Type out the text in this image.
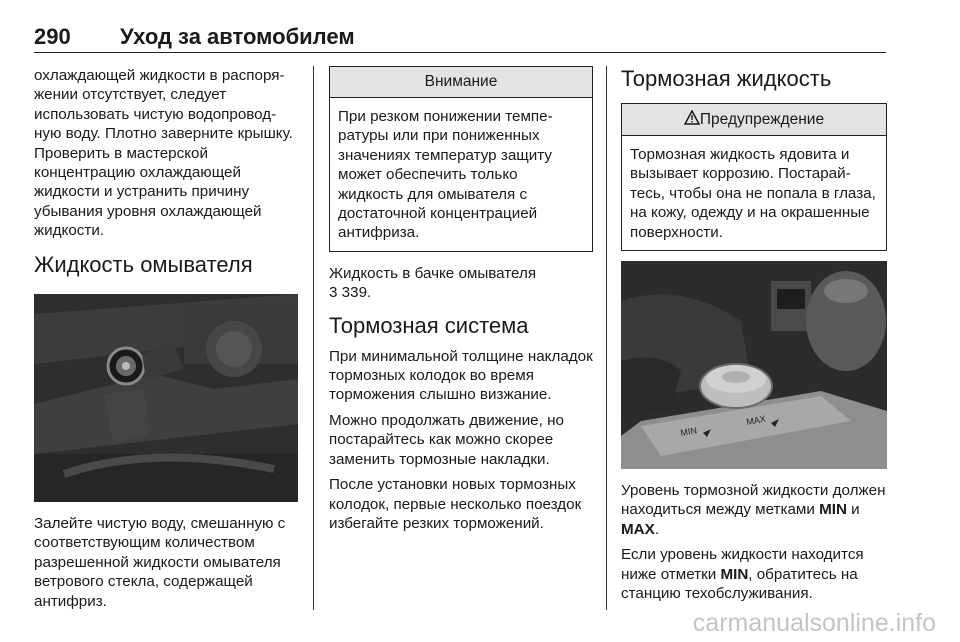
290 Уход за автомобилем

охлаждающей жидкости в распоряжении отсутствует, следует использовать чистую водопроводную воду. Плотно заверните крышку. Проверить в мастерской концентрацию охлаждающей жидкости и устранить причину убывания уровня охлаждающей жидкости.

Жидкость омывателя

Залейте чистую воду, смешанную с соответствующим количеством разрешенной жидкости омывателя ветрового стекла, содержащей антифриз.

Внимание
При резком понижении температуры или при пониженных значениях температур защиту может обеспечить только жидкость для омывателя с достаточной концентрацией антифриза.

Жидкость в бачке омывателя
3 339.

Тормозная система

При минимальной толщине накладок тормозных колодок во время торможения слышно визжание.

Можно продолжать движение, но постарайтесь как можно скорее заменить тормозные накладки.

После установки новых тормозных колодок, первые несколько поездок избегайте резких торможений.

Тормозная жидкость
Предупреждение
Тормозная жидкость ядовита и вызывает коррозию. Постарайтесь, чтобы она не попала в глаза, на кожу, одежду и на окрашенные поверхности.
MIN
MAX

Уровень тормозной жидкости должен находиться между метками MIN и MAX.

Если уровень жидкости находится ниже отметки MIN, обратитесь на станцию техобслуживания.

carmanualsonline.info
